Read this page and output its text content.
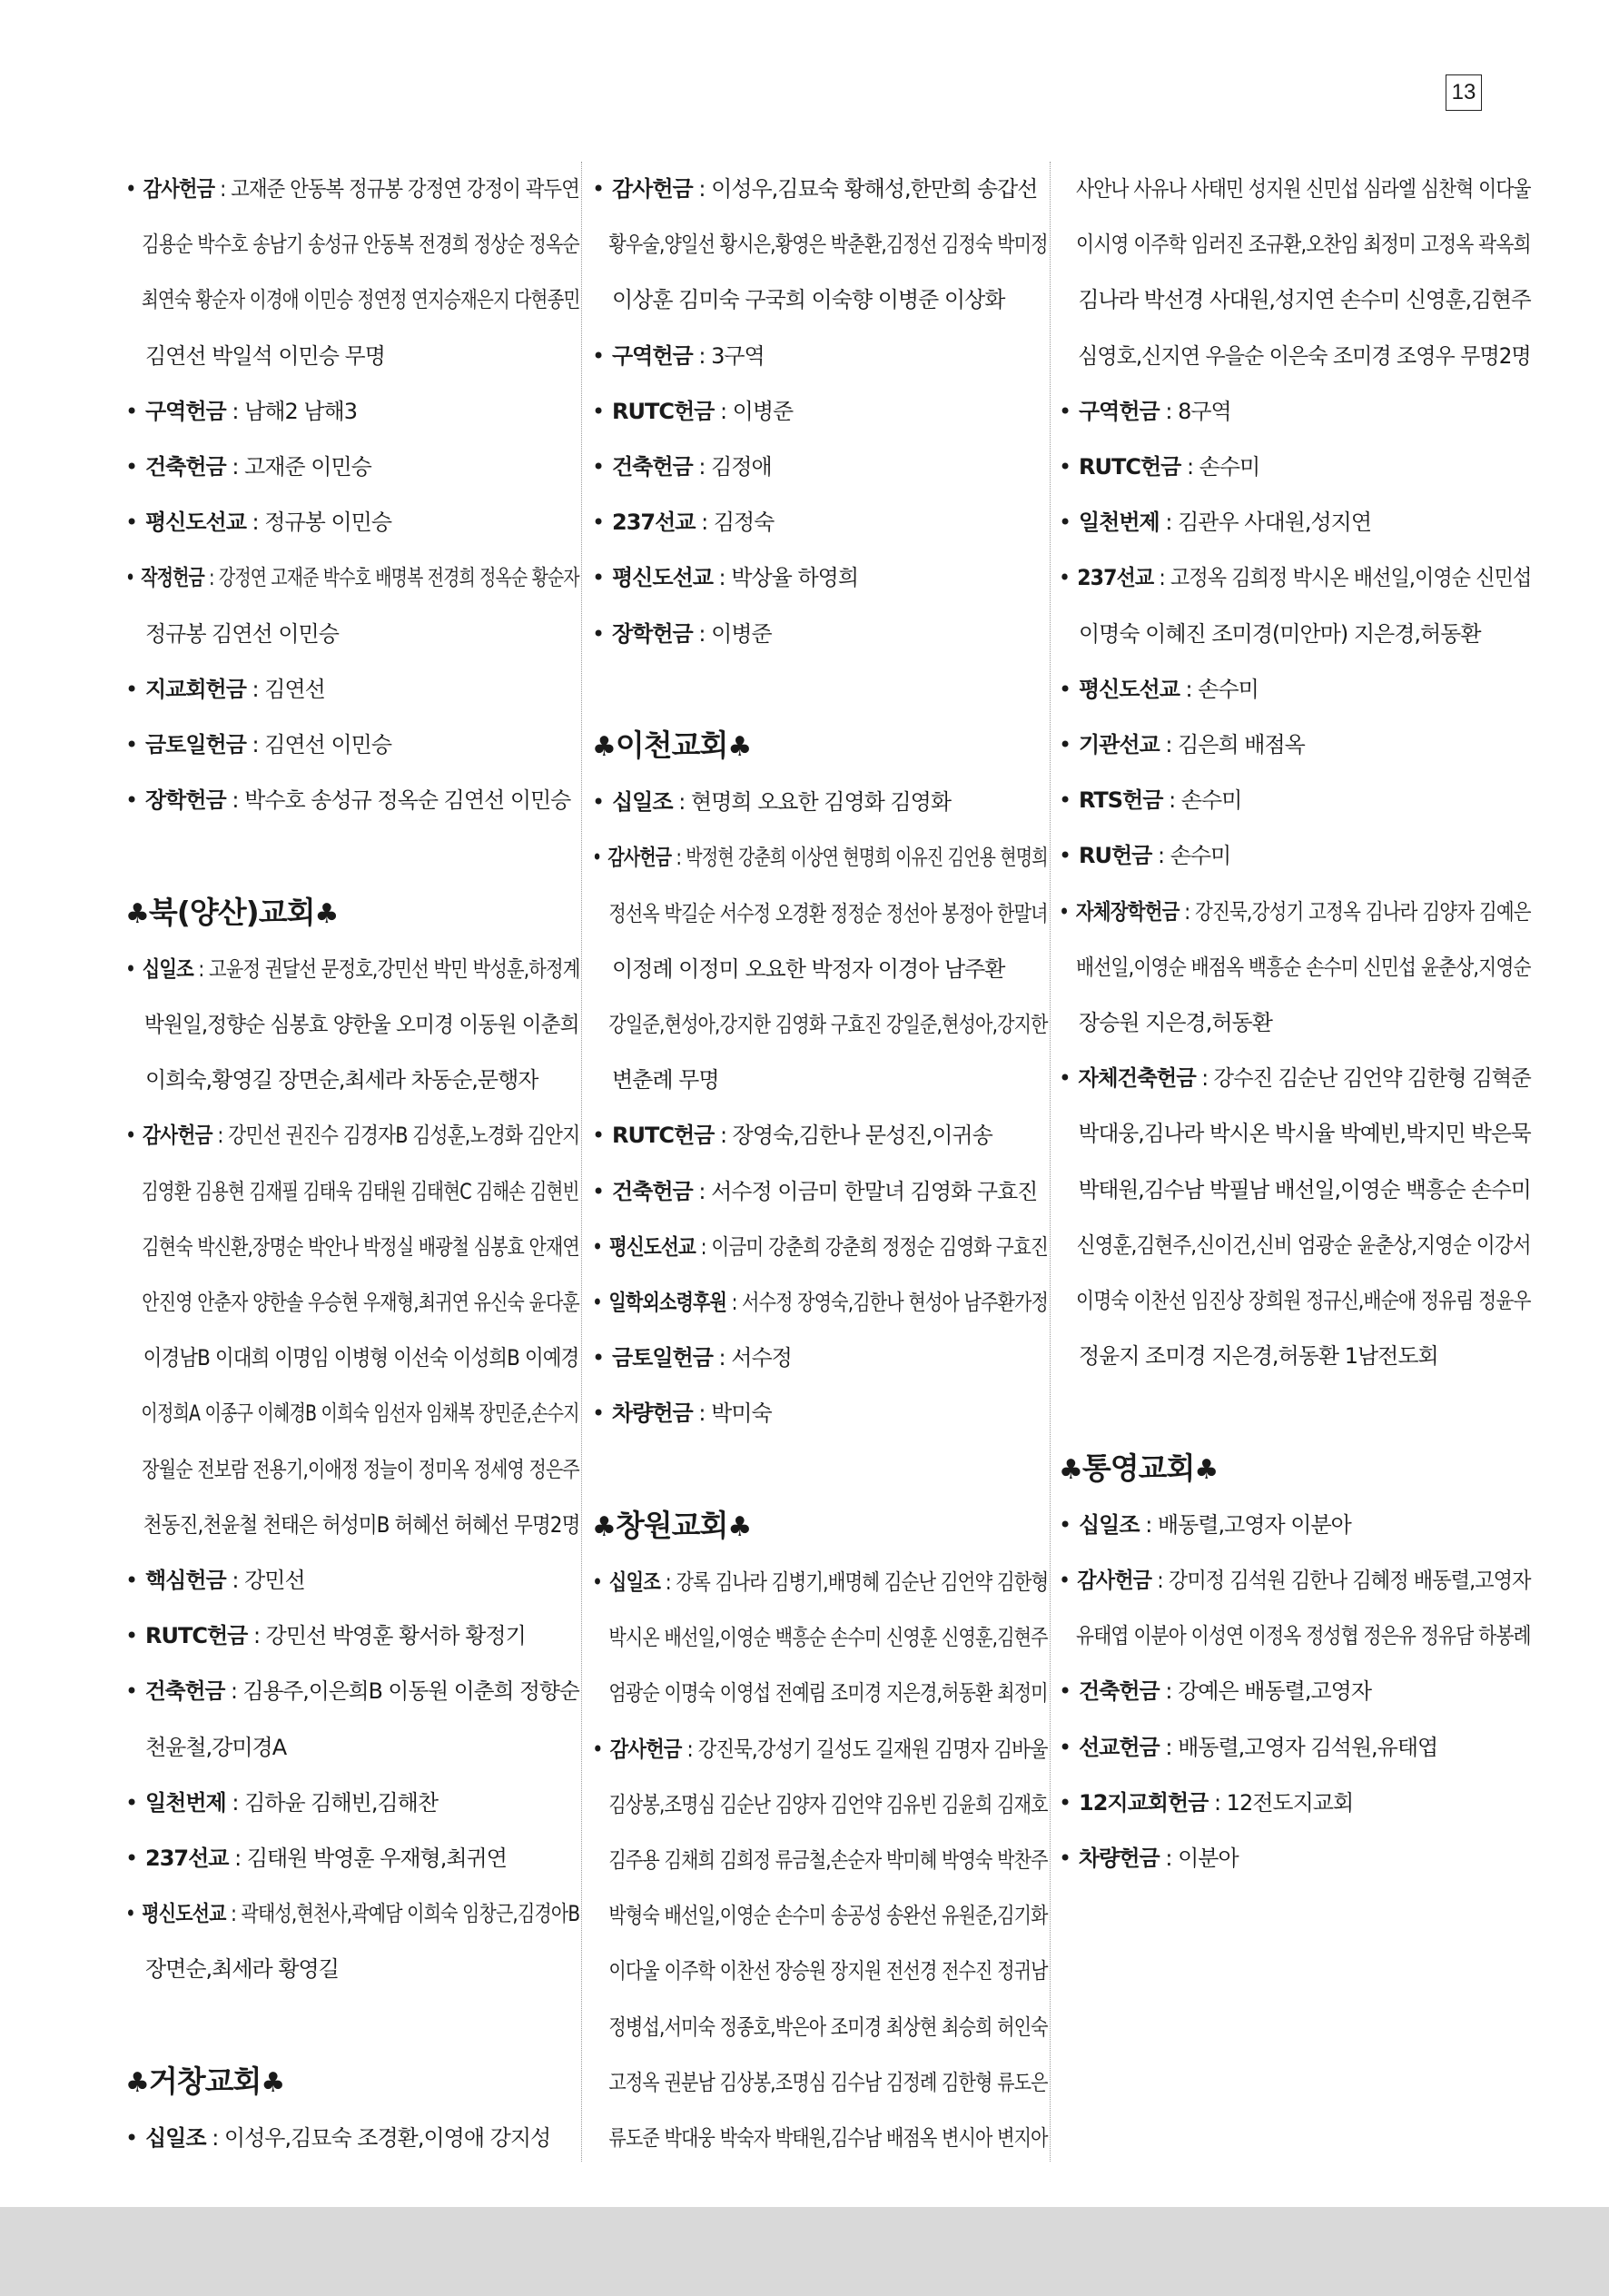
13
• 감사헌금 : 고재준 안동복 정규봉 강정연 강정이 곽두연
김용순 박수호 송남기 송성규 안동복 전경희 정상순 정옥순
최연숙 황순자 이경애 이민승 정연정 연지승재은지 다현종민
김연선 박일석 이민승 무명
• 구역헌금 : 남해2 남해3
• 건축헌금 : 고재준 이민승
• 평신도선교 : 정규봉 이민승
• 작정헌금 : 강정연 고재준 박수호 배명복 전경희 정옥순 황순자
정규봉 김연선 이민승
• 지교회헌금 : 김연선
• 금토일헌금 : 김연선 이민승
• 장학헌금 : 박수호 송성규 정옥순 김연선 이민승
♣북(양산)교회♣
• 십일조 : 고윤정 권달선 문정호,강민선 박민 박성훈,하정계
박원일,정향순 심봉효 양한울 오미경 이동원 이춘희
이희숙,황영길 장면순,최세라 차동순,문행자
• 감사헌금 : 강민선 권진수 김경자B 김성훈,노경화 김안지
김영환 김용현 김재필 김태욱 김태원 김태현C 김해손 김현빈
김현숙 박신환,장명순 박안나 박정실 배광철 심봉효 안재연
안진영 안춘자 양한솔 우승현 우재형,최귀연 유신숙 윤다훈
이경남B 이대희 이명임 이병형 이선숙 이성희B 이예경
이정희A 이종구 이혜경B 이희숙 임선자 임채복 장민준,손수지
장월순 전보람 전용기,이애정 정늘이 정미옥 정세영 정은주
천동진,천윤철 천태은 허성미B 허혜선 허혜선 무명2명
• 핵심헌금 : 강민선
• RUTC헌금 : 강민선 박영훈 황서하 황정기
• 건축헌금 : 김용주,이은희B 이동원 이춘희 정향순
천윤철,강미경A
• 일천번제 : 김하윤 김해빈,김해찬
• 237선교 : 김태원 박영훈 우재형,최귀연
• 평신도선교 : 곽태성,현천사,곽예담 이희숙 임창근,김경아B
장면순,최세라 황영길
♣거창교회♣
• 십일조 : 이성우,김묘숙 조경환,이영애 강지성
• 감사헌금 : 이성우,김묘숙 황해성,한만희 송갑선
황우술,양일선 황시은,황영은 박춘환,김정선 김정숙 박미정
이상훈 김미숙 구국희 이숙향 이병준 이상화
• 구역헌금 : 3구역
• RUTC헌금 : 이병준
• 건축헌금 : 김정애
• 237선교 : 김정숙
• 평신도선교 : 박상율 하영희
• 장학헌금 : 이병준
♣이천교회♣
• 십일조 : 현명희 오요한 김영화 김영화
• 감사헌금 : 박정현 강춘희 이상연 현명희 이유진 김언용 현명희
정선옥 박길순 서수정 오경환 정정순 정선아 봉정아 한말녀
이정례 이정미 오요한 박정자 이경아 남주환
강일준,현성아,강지한 김영화 구효진 강일준,현성아,강지한
변춘례 무명
• RUTC헌금 : 장영숙,김한나 문성진,이귀송
• 건축헌금 : 서수정 이금미 한말녀 김영화 구효진
• 평신도선교 : 이금미 강춘희 강춘희 정정순 김영화 구효진
• 일학외소령후원 : 서수정 장영숙,김한나 현성아 남주환가정
• 금토일헌금 : 서수정
• 차량헌금 : 박미숙
♣창원교회♣
• 십일조 : 강록 김나라 김병기,배명혜 김순난 김언약 김한형
박시온 배선일,이영순 백흥순 손수미 신영훈 신영훈,김현주
엄광순 이명숙 이영섭 전예림 조미경 지은경,허동환 최정미
• 감사헌금 : 강진묵,강성기 길성도 길재원 김명자 김바울
김상봉,조명심 김순난 김양자 김언약 김유빈 김윤희 김재호
김주용 김채희 김희정 류금철,손순자 박미혜 박영숙 박찬주
박형숙 배선일,이영순 손수미 송공성 송완선 유원준,김기화
이다울 이주학 이찬선 장승원 장지원 전선경 전수진 정귀남
정병섭,서미숙 정종호,박은아 조미경 최상현 최승희 허인숙
고정옥 권분남 김상봉,조명심 김수남 김정례 김한형 류도은
류도준 박대웅 박숙자 박태원,김수남 배점옥 변시아 변지아
사안나 사유나 사태민 성지원 신민섭 심라엘 심찬혁 이다울
이시영 이주학 임러진 조규환,오찬임 최정미 고정옥 곽옥희
김나라 박선경 사대원,성지연 손수미 신영훈,김현주
심영호,신지연 우을순 이은숙 조미경 조영우 무명2명
• 구역헌금 : 8구역
• RUTC헌금 : 손수미
• 일천번제 : 김관우 사대원,성지연
• 237선교 : 고정옥 김희정 박시온 배선일,이영순 신민섭
이명숙 이혜진 조미경(미안마) 지은경,허동환
• 평신도선교 : 손수미
• 기관선교 : 김은희 배점옥
• RTS헌금 : 손수미
• RU헌금 : 손수미
• 자체장학헌금 : 강진묵,강성기 고정옥 김나라 김양자 김예은
배선일,이영순 배점옥 백흥순 손수미 신민섭 윤춘상,지영순
장승원 지은경,허동환
• 자체건축헌금 : 강수진 김순난 김언약 김한형 김혁준
박대웅,김나라 박시온 박시율 박예빈,박지민 박은묵
박태원,김수남 박필남 배선일,이영순 백흥순 손수미
신영훈,김현주,신이건,신비 엄광순 윤춘상,지영순 이강서
이명숙 이찬선 임진상 장희원 정규신,배순애 정유림 정윤우
정윤지 조미경 지은경,허동환 1남전도회
♣통영교회♣
• 십일조 : 배동렬,고영자 이분아
• 감사헌금 : 강미정 김석원 김한나 김혜정 배동렬,고영자
유태엽 이분아 이성연 이정옥 정성협 정은유 정유담 하봉례
• 건축헌금 : 강예은 배동렬,고영자
• 선교헌금 : 배동렬,고영자 김석원,유태엽
• 12지교회헌금 : 12전도지교회
• 차량헌금 : 이분아
